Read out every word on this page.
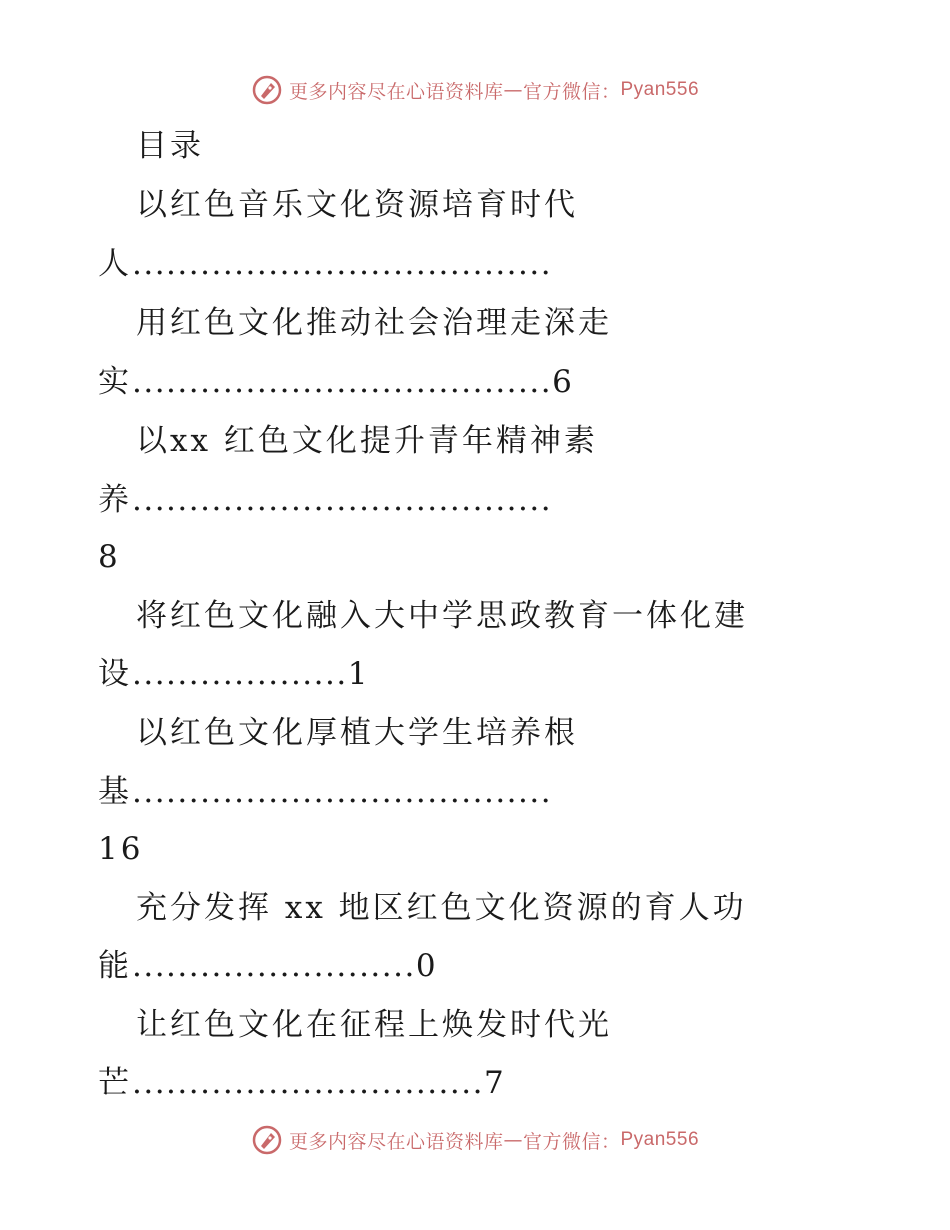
更多内容尽在心语资料库 — 官方微信： Pyan556
目录
以红色音乐文化资源培育时代
人.....................................
用红色文化推动社会治理走深走
实.....................................6
以xx 红色文化提升青年精神素
养.....................................
8
将红色文化融入大中学思政教育一体化建
设...................1
以红色文化厚植大学生培养根
基.....................................
16
充分发挥 xx 地区红色文化资源的育人功
能.........................0
让红色文化在征程上焕发时代光
芒...............................7
更多内容尽在心语资料库 — 官方微信： Pyan556
